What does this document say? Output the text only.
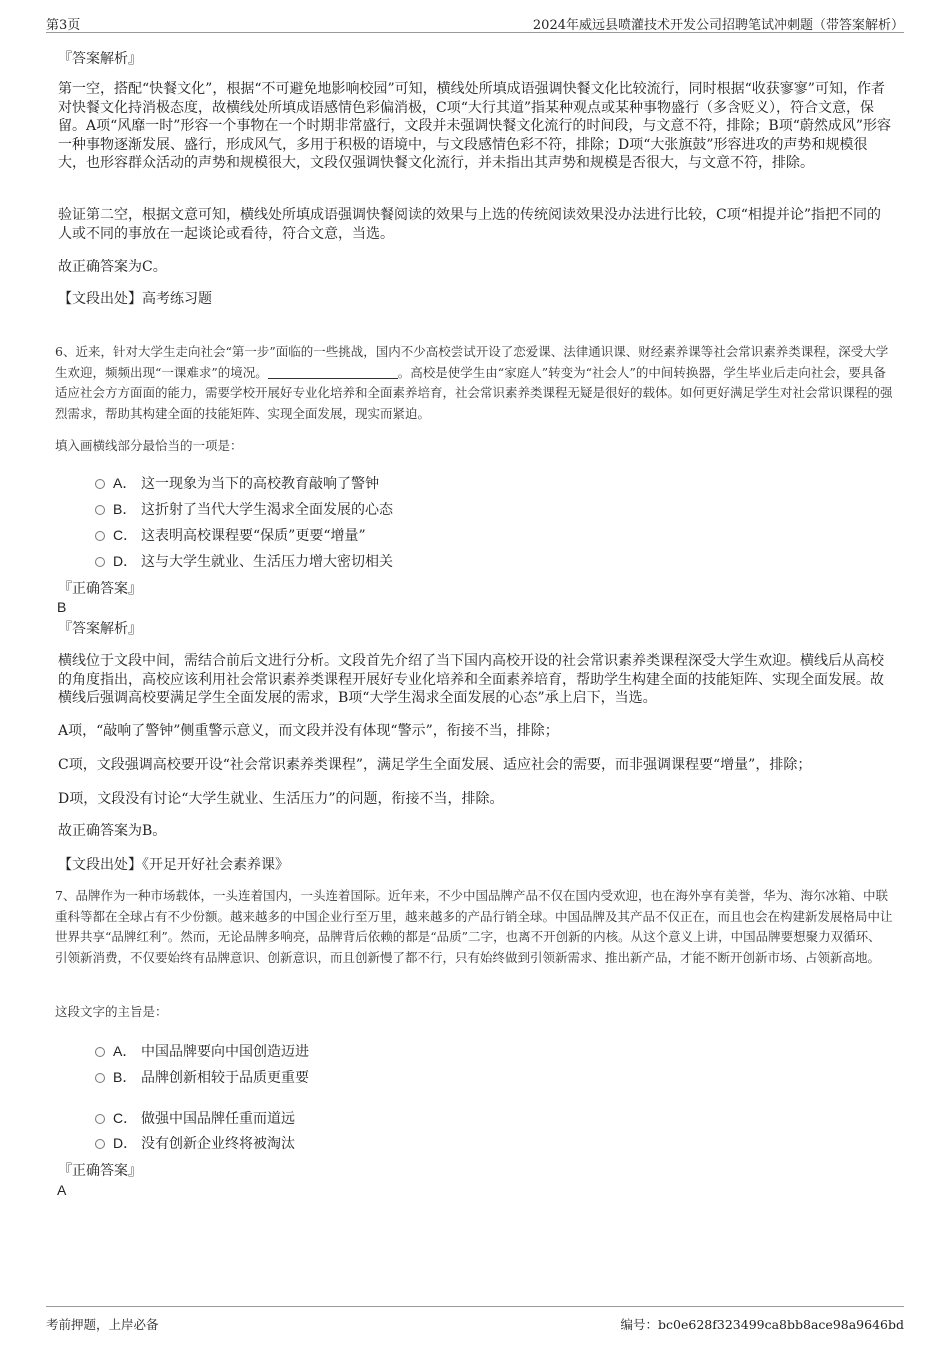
第3页	2024年威远县喷灌技术开发公司招聘笔试冲刺题（带答案解析）
『答案解析』
第一空，搭配“快餐文化”，根据“不可避免地影响校园”可知，横线处所填成语强调快餐文化比较流行，同时根据“收获寥寥”可知，作者对快餐文化持消极态度，故横线处所填成语感情色彩偏消极，C项“大行其道”指某种观点或某种事物盛行（多含贬义），符合文意，保留。A项“风靡一时”形容一个事物在一个时期非常盛行，文段并未强调快餐文化流行的时间段，与文意不符，排除；B项“蔚然成风”形容一种事物逐渐发展、盛行，形成风气，多用于积极的语境中，与文段感情色彩不符，排除；D项“大张旗鼓”形容进攻的声势和规模很大，也形容群众活动的声势和规模很大，文段仅强调快餐文化流行，并未指出其声势和规模是否很大，与文意不符，排除。
验证第二空，根据文意可知，横线处所填成语强调快餐阅读的效果与上选的传统阅读效果没办法进行比较，C项“相提并论”指把不同的人或不同的事放在一起谈论或看待，符合文意，当选。
故正确答案为C。
【文段出处】高考练习题
6、近来，针对大学生走向社会“第一步”面临的一些挑战，国内不少高校尝试开设了恋爱课、法律通识课、财经素养课等社会常识素养类课程，深受大学生欢迎，频频出现“一课难求”的境况。	。高校是使学生由“家庭人”转变为“社会人”的中间转换器，学生毕业后走向社会，要具备适应社会方方面面的能力，需要学校开展好专业化培养和全面素养培育，社会常识素养类课程无疑是很好的载体。如何更好满足学生对社会常识课程的强烈需求，帮助其构建全面的技能矩阵、实现全面发展，现实而紧迫。
填入画横线部分最恰当的一项是：
A． 这一现象为当下的高校教育敲响了警钟
B． 这折射了当代大学生渴求全面发展的心态
C． 这表明高校课程要“保质”更要“增量”
D． 这与大学生就业、生活压力增大密切相关
『正确答案』
B
『答案解析』
横线位于文段中间，需结合前后文进行分析。文段首先介绍了当下国内高校开设的社会常识素养类课程深受大学生欢迎。横线后从高校的角度指出，高校应该利用社会常识素养类课程开展好专业化培养和全面素养培育，帮助学生构建全面的技能矩阵、实现全面发展。故横线后强调高校要满足学生全面发展的需求，B项“大学生渴求全面发展的心态”承上启下，当选。
A项，“敲响了警钟”侧重警示意义，而文段并没有体现“警示”，衔接不当，排除；
C项，文段强调高校要开设“社会常识素养类课程”，满足学生全面发展、适应社会的需要，而非强调课程要“增量”，排除；
D项，文段没有讨论“大学生就业、生活压力”的问题，衔接不当，排除。
故正确答案为B。
【文段出处】《开足开好社会素养课》
7、品牌作为一种市场载体，一头连着国内，一头连着国际。近年来，不少中国品牌产品不仅在国内受欢迎，也在海外享有美誉，华为、海尔冰箱、中联重科等都在全球占有不少份额。越来越多的中国企业行至万里，越来越多的产品行销全球。中国品牌及其产品不仅正在，而且也会在构建新发展格局中让世界共享“品牌红利”。然而，无论品牌多响亮，品牌背后依赖的都是“品质”二字，也离不开创新的内核。从这个意义上讲，中国品牌要想聚力双循环、引领新消费，不仅要始终有品牌意识、创新意识，而且创新慢了都不行，只有始终做到引领新需求、推出新产品，才能不断开创新市场、占领新高地。
这段文字的主旨是：
A． 中国品牌要向中国创造迈进
B． 品牌创新相较于品质更重要
C． 做强中国品牌任重而道远
D． 没有创新企业终将被淘汰
『正确答案』
A
考前押题，上岸必备	编号：bc0e628f323499ca8bb8ace98a9646bd
